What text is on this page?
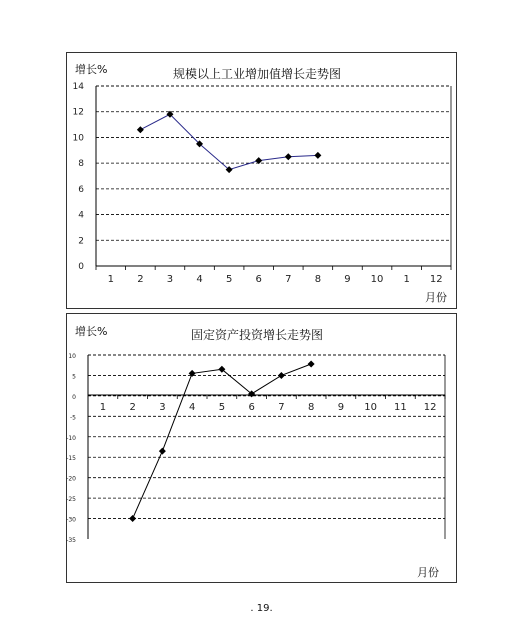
增长%	规模以上工业增加值增长走势图
月份
0
2
4
6
8
10
12
14
1 2 3 4 5 6 7 8 9 10 1 12
增长%	固定资产投资增长走势图
月份
10
5
0
-5
-10
-15
-20
-25
-30
-35
1 2 3 4 5 6 7 8 9 10 11 12
. 19.
